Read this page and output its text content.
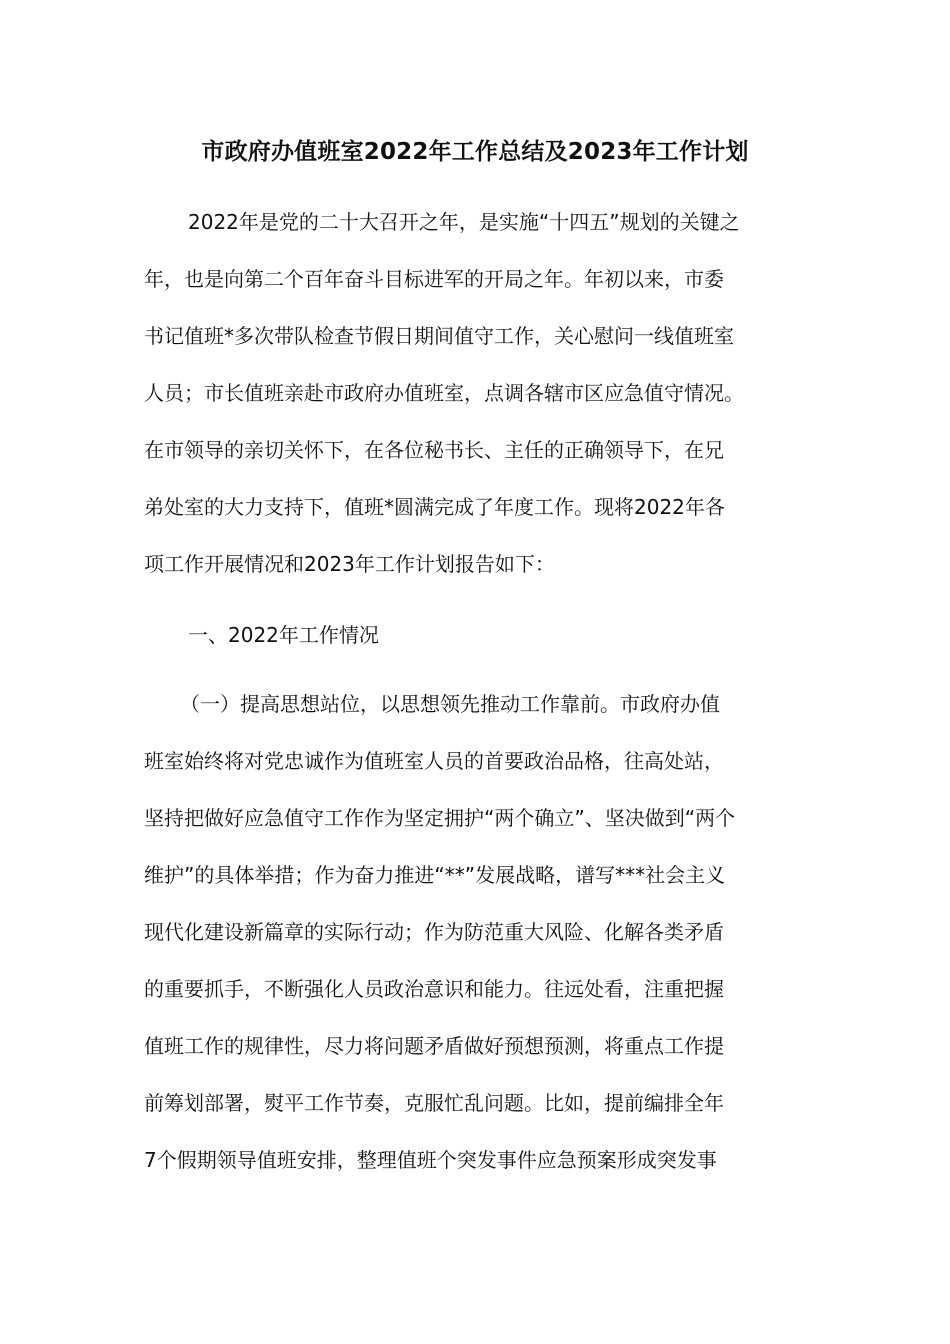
市政府办值班室2022年工作总结及2023年工作计划
2022年是党的二十大召开之年，是实施“十四五”规划的关键之
年，也是向第二个百年奋斗目标进军的开局之年。年初以来，市委
书记值班*多次带队检查节假日期间值守工作，关心慰问一线值班室
人员；市长值班亲赴市政府办值班室，点调各辖市区应急值守情况。
在市领导的亲切关怀下，在各位秘书长、主任的正确领导下，在兄
弟处室的大力支持下，值班*圆满完成了年度工作。现将2022年各
项工作开展情况和2023年工作计划报告如下：
一、2022年工作情况
（一）提高思想站位，以思想领先推动工作靠前。市政府办值
班室始终将对党忠诚作为值班室人员的首要政治品格，往高处站，
坚持把做好应急值守工作作为坚定拥护“两个确立”、坚决做到“两个
维护”的具体举措；作为奋力推进“**”发展战略，谱写***社会主义
现代化建设新篇章的实际行动；作为防范重大风险、化解各类矛盾
的重要抓手，不断强化人员政治意识和能力。往远处看，注重把握
值班工作的规律性，尽力将问题矛盾做好预想预测，将重点工作提
前筹划部署，熨平工作节奏，克服忙乱问题。比如，提前编排全年
7个假期领导值班安排，整理值班个突发事件应急预案形成突发事
